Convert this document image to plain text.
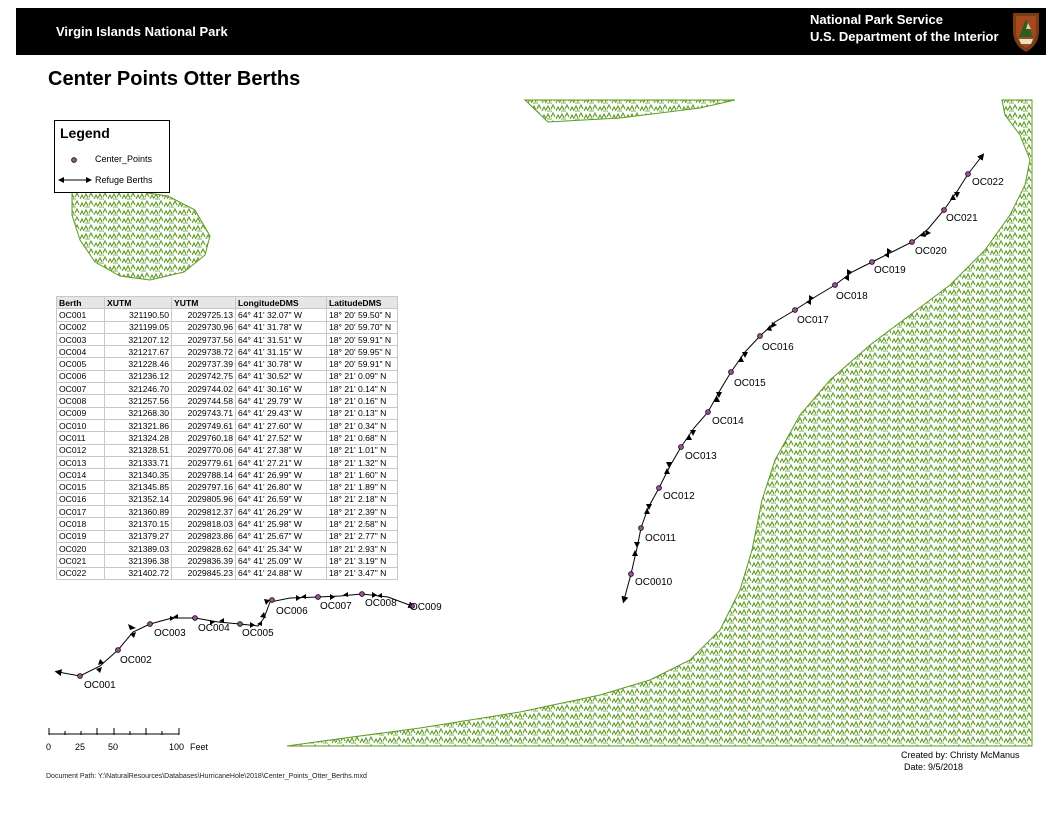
Virgin Islands National Park
National Park Service
U.S. Department of the Interior
Center Points Otter Berths
OC001
OC002
OC003 OC004 OC005
OC006 OC007 OC008 OC009
OC0010
OC011
OC012
OC013
OC014
OC015
OC016
OC017
OC018
OC019
OC020
OC021
OC022
Legend
Center_Points
Refuge Berths
Berth	XUTM	YUTM	LongitudeDMS	LatitudeDMS
OC001	321190.50	2029725.13	64° 41' 32.07" W	18° 20' 59.50" N
OC002	321199.05	2029730.96	64° 41' 31.78" W	18° 20' 59.70" N
OC003	321207.12	2029737.56	64° 41' 31.51" W	18° 20' 59.91" N
OC004	321217.67	2029738.72	64° 41' 31.15" W	18° 20' 59.95" N
OC005	321228.46	2029737.39	64° 41' 30.78" W	18° 20' 59.91" N
OC006	321236.12	2029742.75	64° 41' 30.52" W	18° 21' 0.09" N
OC007	321246.70	2029744.02	64° 41' 30.16" W	18° 21' 0.14" N
OC008	321257.56	2029744.58	64° 41' 29.79" W	18° 21' 0.16" N
OC009	321268.30	2029743.71	64° 41' 29.43" W	18° 21' 0.13" N
OC010	321321.86	2029749.61	64° 41' 27.60" W	18° 21' 0.34" N
OC011	321324.28	2029760.18	64° 41' 27.52" W	18° 21' 0.68" N
OC012	321328.51	2029770.06	64° 41' 27.38" W	18° 21' 1.01" N
OC013	321333.71	2029779.61	64° 41' 27.21" W	18° 21' 1.32" N
OC014	321340.35	2029788.14	64° 41' 26.99" W	18° 21' 1.60" N
OC015	321345.85	2029797.16	64° 41' 26.80" W	18° 21' 1.89" N
OC016	321352.14	2029805.96	64° 41' 26.59" W	18° 21' 2.18" N
OC017	321360.89	2029812.37	64° 41' 26.29" W	18° 21' 2.39" N
OC018	321370.15	2029818.03	64° 41' 25.98" W	18° 21' 2.58" N
OC019	321379.27	2029823.86	64° 41' 25.67" W	18° 21' 2.77" N
OC020	321389.03	2029828.62	64° 41' 25.34" W	18° 21' 2.93" N
OC021	321396.38	2029836.39	64° 41' 25.09" W	18° 21' 3.19" N
OC022	321402.72	2029845.23	64° 41' 24.88" W	18° 21' 3.47" N
0	25	50	100 Feet
Created by: Christy McManus
Date: 9/5/2018
Document Path: Y:\NaturalResources\Databases\HurricaneHole\2018\Center_Points_Otter_Berths.mxd
